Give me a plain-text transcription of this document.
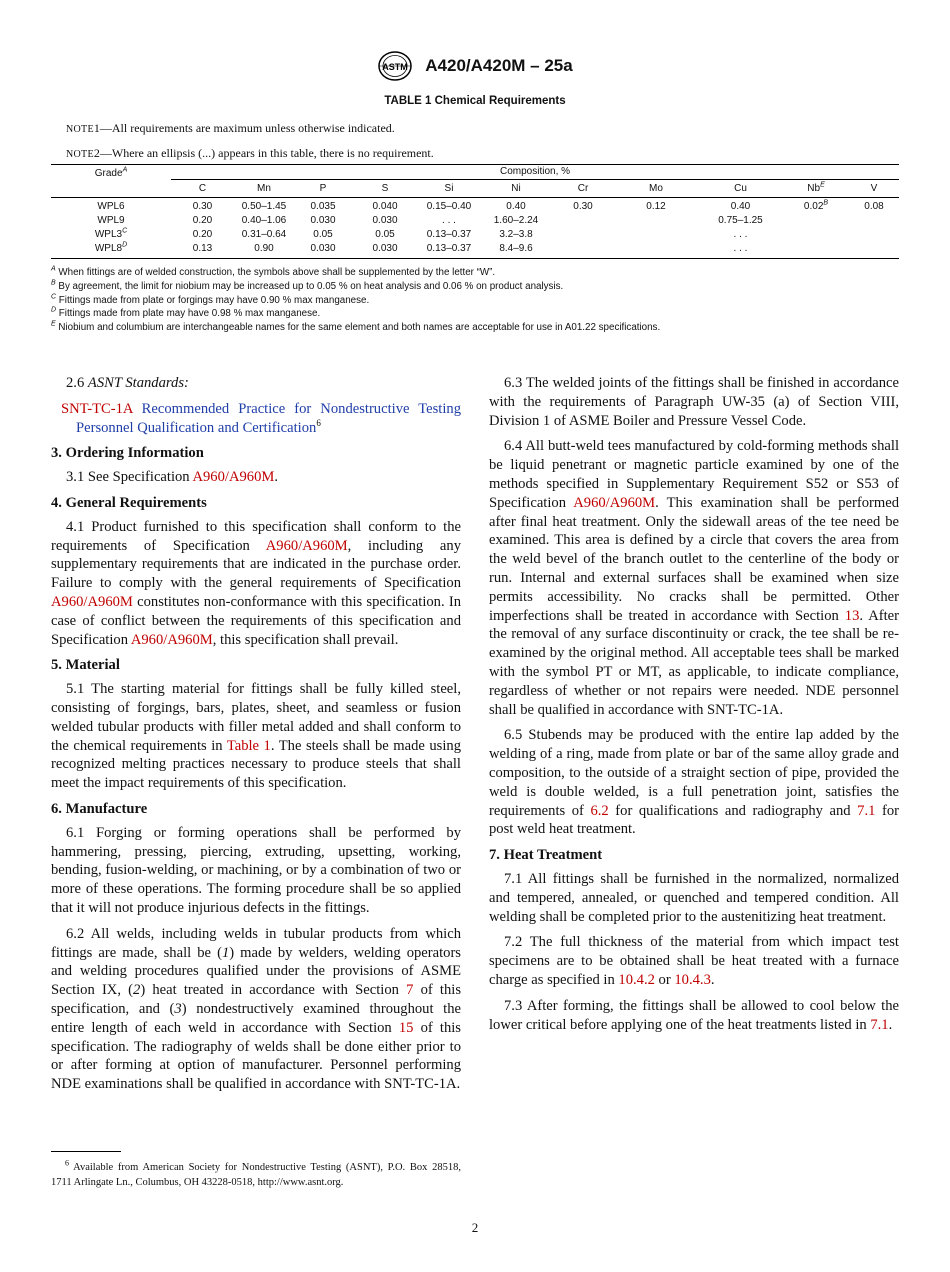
ASTM A420/A420M – 25a
TABLE 1 Chemical Requirements
NOTE1—All requirements are maximum unless otherwise indicated.
NOTE2—Where an ellipsis (...) appears in this table, there is no requirement.
Grade$^A$	Composition, %										
	C	Mn	P	S	Si	Ni	Cr	Mo	Cu	$Nb^E$	V
WPL6	0.30	0.50–1.45	0.035	0.040	0.15–0.40	0.40	0.30	0.12	0.40	$0.02^B$	0.08
WPL9	0.20	0.40–1.06	0.030	0.030	. . .	1.60–2.24			0.75–1.25		
$WPL3^C$	0.20	0.31–0.64	0.05	0.05	0.13–0.37	3.2–3.8			. . .		
$WPL8^D$	0.13	0.90	0.030	0.030	0.13–0.37	8.4–9.6			. . .		
$^A$ When fittings are of welded construction, the symbols above shall be supplemented by the letter “W”.
$^B$ By agreement, the limit for niobium may be increased up to 0.05 % on heat analysis and 0.06 % on product analysis.
$^C$ Fittings made from plate or forgings may have 0.90 % max manganese.
$^D$ Fittings made from plate may have 0.98 % max manganese.
$^E$ Niobium and columbium are interchangeable names for the same element and both names are acceptable for use in A01.22 specifications.

2.6 ASNT Standards:

SNT-TC-1A Recommended Practice for Nondestructive Testing Personnel Qualification and Certification$^6$
3. Ordering Information

3.1 See Specification A960/A960M.

4. General Requirements

4.1 Product furnished to this specification shall conform to the requirements of Specification A960/A960M, including any supplementary requirements that are indicated in the purchase order. Failure to comply with the general requirements of Specification A960/A960M constitutes non-conformance with this specification. In case of conflict between the requirements of this specification and Specification A960/A960M, this specification shall prevail.

5. Material

5.1 The starting material for fittings shall be fully killed steel, consisting of forgings, bars, plates, sheet, and seamless or fusion welded tubular products with filler metal added and shall conform to the chemical requirements in Table 1. The steels shall be made using recognized melting practices necessary to produce steels that shall meet the impact requirements of this specification.

6. Manufacture

6.1 Forging or forming operations shall be performed by hammering, pressing, piercing, extruding, upsetting, working, bending, fusion-welding, or machining, or by a combination of two or more of these operations. The forming procedure shall be so applied that it will not produce injurious defects in the fittings.

6.2 All welds, including welds in tubular products from which fittings are made, shall be (1) made by welders, welding operators and welding procedures qualified under the provisions of ASME Section IX, (2) heat treated in accordance with Section 7 of this specification, and (3) nondestructively examined throughout the entire length of each weld in accordance with Section 15 of this specification. The radiography of welds shall be done either prior to or after forming at option of manufacturer. Personnel performing NDE examinations shall be qualified in accordance with SNT-TC-1A.

6.3 The welded joints of the fittings shall be finished in accordance with the requirements of Paragraph UW-35 (a) of Section VIII, Division 1 of ASME Boiler and Pressure Vessel Code.

6.4 All butt-weld tees manufactured by cold-forming methods shall be liquid penetrant or magnetic particle examined by one of the methods specified in Supplementary Requirement S52 or S53 of Specification A960/A960M. This examination shall be performed after final heat treatment. Only the sidewall areas of the tee need be examined. This area is defined by a circle that covers the area from the weld bevel of the branch outlet to the centerline of the body or run. Internal and external surfaces shall be examined when size permits accessibility. No cracks shall be permitted. Other imperfections shall be treated in accordance with Section 13. After the removal of any surface discontinuity or crack, the tee shall be re-examined by the original method. All acceptable tees shall be marked with the symbol PT or MT, as applicable, to indicate compliance, regardless of whether or not repairs were needed. NDE personnel shall be qualified in accordance with SNT-TC-1A.

6.5 Stubends may be produced with the entire lap added by the welding of a ring, made from plate or bar of the same alloy grade and composition, to the outside of a straight section of pipe, provided the weld is double welded, is a full penetration joint, satisfies the requirements of 6.2 for qualifications and radiography and 7.1 for post weld heat treatment.

7. Heat Treatment

7.1 All fittings shall be furnished in the normalized, normalized and tempered, annealed, or quenched and tempered condition. All welding shall be completed prior to the austenitizing heat treatment.

7.2 The full thickness of the material from which impact test specimens are to be obtained shall be heat treated with a furnace charge as specified in 10.4.2 or 10.4.3.

7.3 After forming, the fittings shall be allowed to cool below the lower critical before applying one of the heat treatments listed in 7.1.

$^6$ Available from American Society for Nondestructive Testing (ASNT), P.O. Box 28518, 1711 Arlingate Ln., Columbus, OH 43228-0518, http://www.asnt.org.
2
